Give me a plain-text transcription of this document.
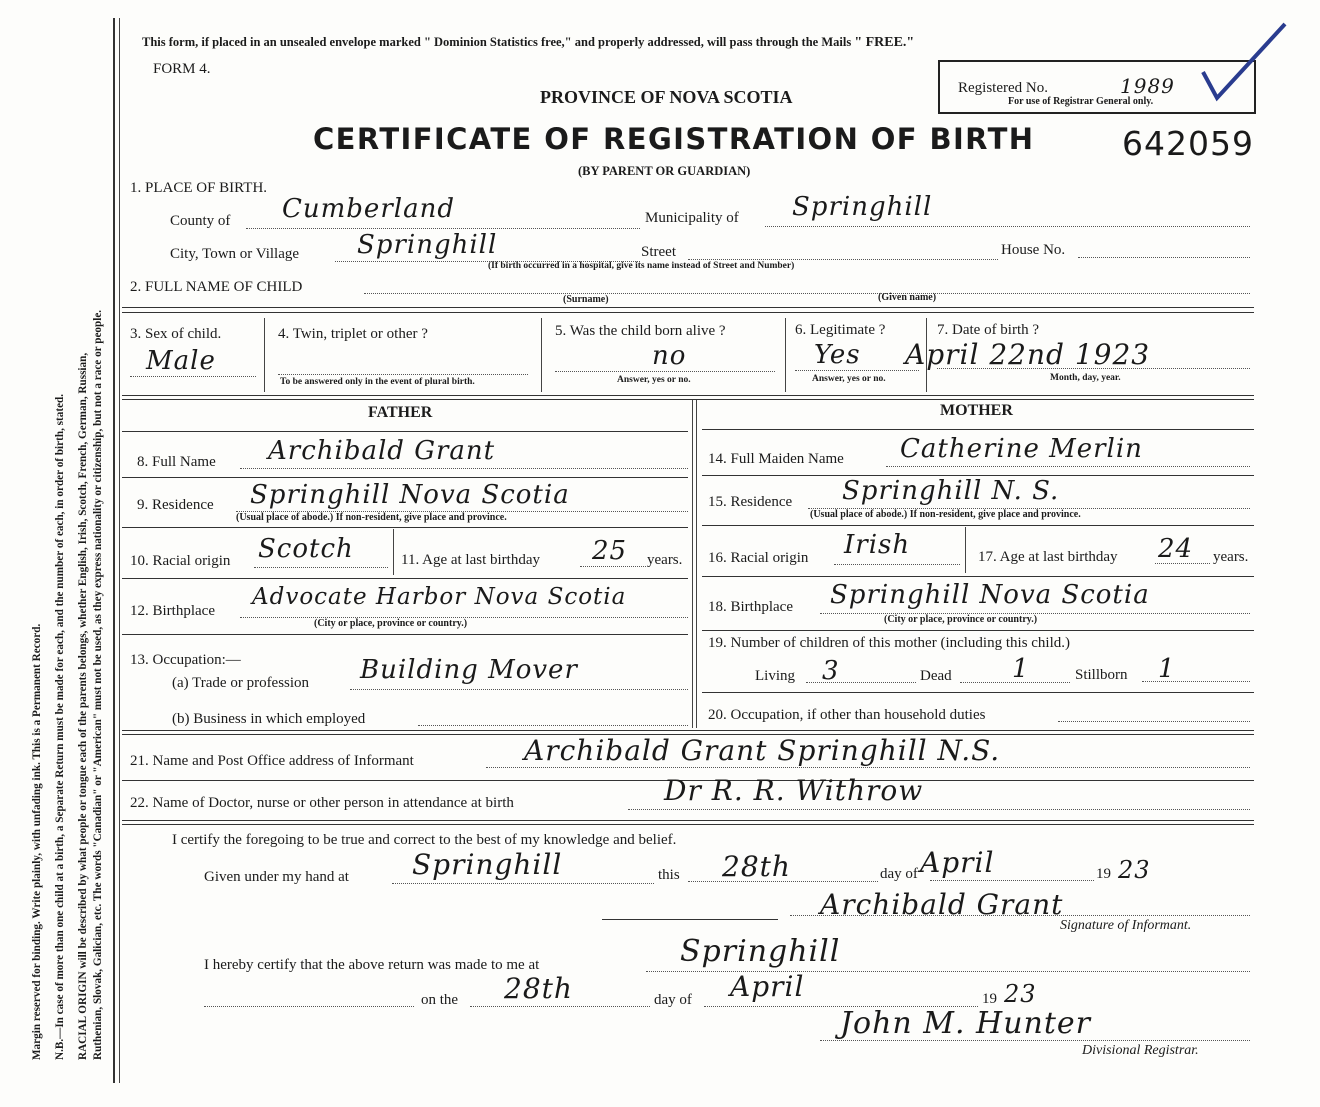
Margin reserved for binding. Write plainly, with unfading ink. This is a Permanent Record. N.B.—In case of more than one child at a birth, a Separate Return must be made for each, and the number of each, in order of birth, stated. RACIAL ORIGIN will be described by what people or tongue each of the parents belongs, whether English, Irish, Scotch, French, German, Russian, Ruthenian, Slovak, Galician, etc. The words "Canadian" or "American" must not be used, as they express nationality or citizenship, but not a race or people.
This form, if placed in an unsealed envelope marked " Dominion Statistics free," and properly addressed, will pass through the Mails " FREE."
FORM 4.
PROVINCE OF NOVA SCOTIA
CERTIFICATE OF REGISTRATION OF BIRTH
(BY PARENT OR GUARDIAN)
Registered No.	1989
For use of Registrar General only.
642059
1. PLACE OF BIRTH.
County of Cumberland	Municipality of Springhill
City, Town or Village Springhill	Street
(If birth occurred in a hospital, give its name instead of Street and Number)
House No.
2. FULL NAME OF CHILD
(Surname)	(Given name)
3. Sex of child.
Male
4. Twin, triplet or other ?
To be answered only in the event of plural birth.
5. Was the child born alive ?
no
Answer, yes or no.
6. Legitimate ?
Yes
Answer, yes or no.
7. Date of birth ?
April 22nd 1923
Month, day, year.
FATHER
8. Full Name Archibald Grant
9. Residence Springhill Nova Scotia
(Usual place of abode.) If non-resident, give place and province.
10. Racial origin Scotch	11. Age at last birthday 25 years.
12. Birthplace
Advocate Harbor Nova Scotia
(City or place, province or country.)
13. Occupation:—
(a) Trade or profession Building Mover
(b) Business in which employed
MOTHER
14. Full Maiden Name Catherine Merlin
15. Residence Springhill N. S.
(Usual place of abode.) If non-resident, give place and province.
16. Racial origin Irish	17. Age at last birthday 24 years.
18. Birthplace Springhill Nova Scotia
(City or place, province or country.)
19. Number of children of this mother (including this child.)
Living 3	Dead 1	Stillborn 1
20. Occupation, if other than household duties
21. Name and Post Office address of Informant	Archibald Grant Springhill N.S.
22. Name of Doctor, nurse or other person in attendance at birth	Dr R. R. Withrow
I certify the foregoing to be true and correct to the best of my knowledge and belief.
Given under my hand at Springhill	this 28th	day of April	19 23
Archibald Grant
Signature of Informant.
I hereby certify that the above return was made to me at	Springhill
on the 28th	day of April	19 23
John M. Hunter
Divisional Registrar.
